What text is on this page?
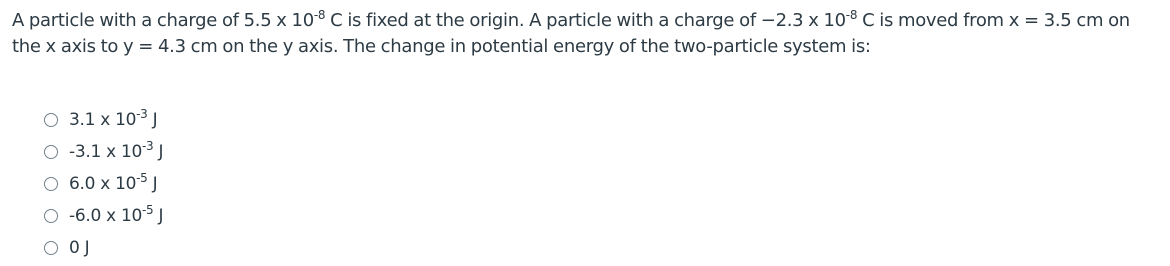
A particle with a charge of 5.5 x $10^{-8}$ C is fixed at the origin. A particle with a charge of −2.3 x $10^{-8}$ C is moved from x = 3.5 cm on the x axis to y = 4.3 cm on the y axis. The change in potential energy of the two-particle system is:
3.1 x $10^{-3}$ J
-3.1 x $10^{-3}$ J
6.0 x $10^{-5}$ J
-6.0 x $10^{-5}$ J
0 J
